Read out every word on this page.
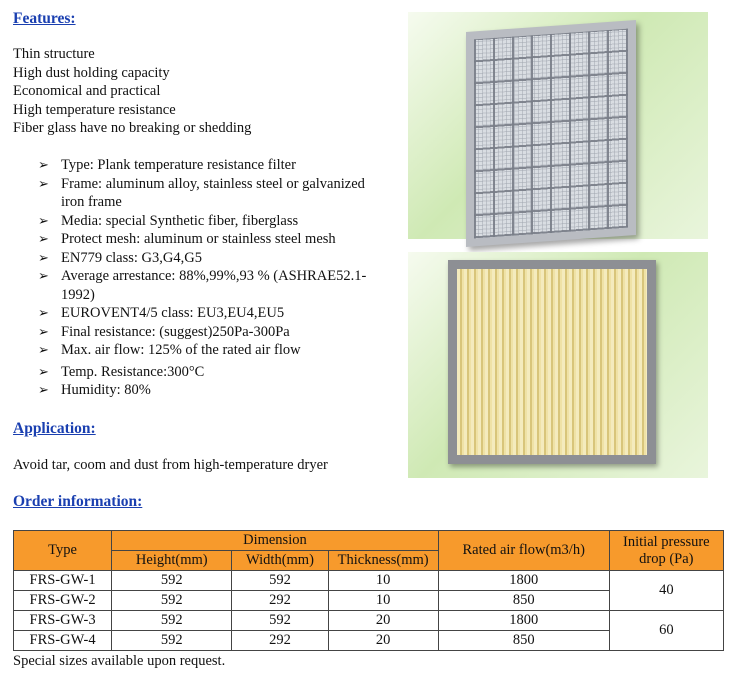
Features:
Thin structure
High dust holding capacity
Economical and practical
High temperature resistance
Fiber glass have no breaking or shedding
➢ Type: Plank temperature resistance filter
➢ Frame: aluminum alloy, stainless steel or galvanized iron frame
➢ Media: special Synthetic fiber, fiberglass
➢ Protect mesh: aluminum or stainless steel mesh
➢ EN779 class: G3,G4,G5
➢ Average arrestance: 88%,99%,93 % (ASHRAE52.1-1992)
➢ EUROVENT4/5 class: EU3,EU4,EU5
➢ Final resistance: (suggest)250Pa-300Pa
➢ Max. air flow: 125% of the rated air flow
➢ Temp. Resistance:300°C
➢ Humidity: 80%
Application:
Avoid tar, coom and dust from high-temperature dryer
Order information:
Type	Dimension			Rated air flow(m3/h)	Initial pressure drop (Pa)
	Height(mm)	Width(mm)	Thickness(mm)		
FRS-GW-1	592	592	10	1800	40
FRS-GW-2	592	292	10	850	
FRS-GW-3	592	592	20	1800	60
FRS-GW-4	592	292	20	850	
Special sizes available upon request.
